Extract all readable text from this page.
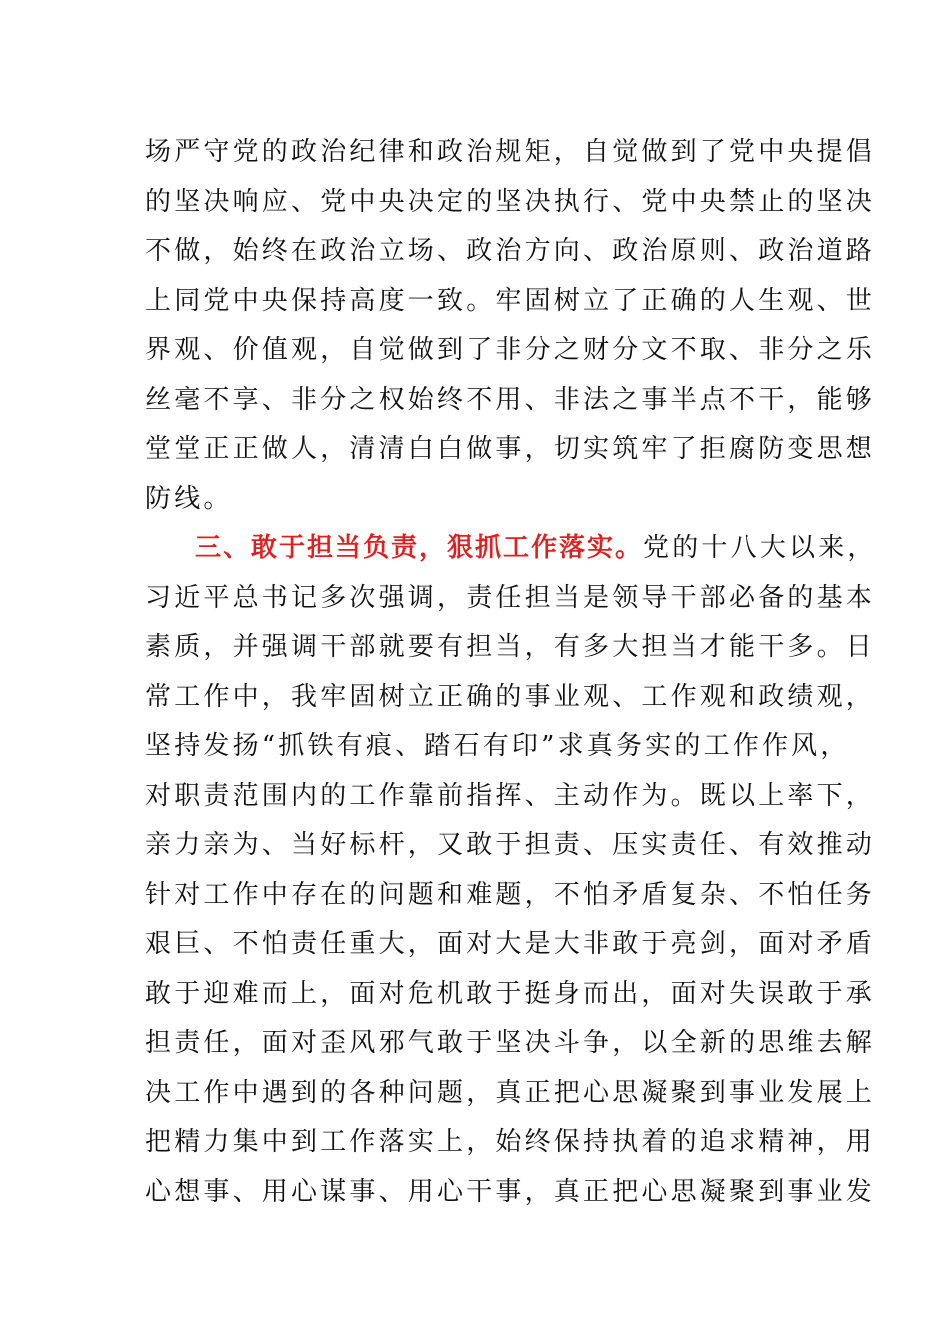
场严守党的政治纪律和政治规矩，自觉做到了党中央提倡
的坚决响应、党中央决定的坚决执行、党中央禁止的坚决
不做，始终在政治立场、政治方向、政治原则、政治道路
上同党中央保持高度一致。牢固树立了正确的人生观、世
界观、价值观，自觉做到了非分之财分文不取、非分之乐
丝毫不享、非分之权始终不用、非法之事半点不干，能够
堂堂正正做人，清清白白做事，切实筑牢了拒腐防变思想
防线。
三、敢于担当负责，狠抓工作落实。党的十八大以来，
习近平总书记多次强调，责任担当是领导干部必备的基本
素质，并强调干部就要有担当，有多大担当才能干多。日
常工作中，我牢固树立正确的事业观、工作观和政绩观，
坚持发扬“抓铁有痕、踏石有印”求真务实的工作作风，
对职责范围内的工作靠前指挥、主动作为。既以上率下，
亲力亲为、当好标杆，又敢于担责、压实责任、有效推动
针对工作中存在的问题和难题，不怕矛盾复杂、不怕任务
艰巨、不怕责任重大，面对大是大非敢于亮剑，面对矛盾
敢于迎难而上，面对危机敢于挺身而出，面对失误敢于承
担责任，面对歪风邪气敢于坚决斗争，以全新的思维去解
决工作中遇到的各种问题，真正把心思凝聚到事业发展上
把精力集中到工作落实上，始终保持执着的追求精神，用
心想事、用心谋事、用心干事，真正把心思凝聚到事业发
